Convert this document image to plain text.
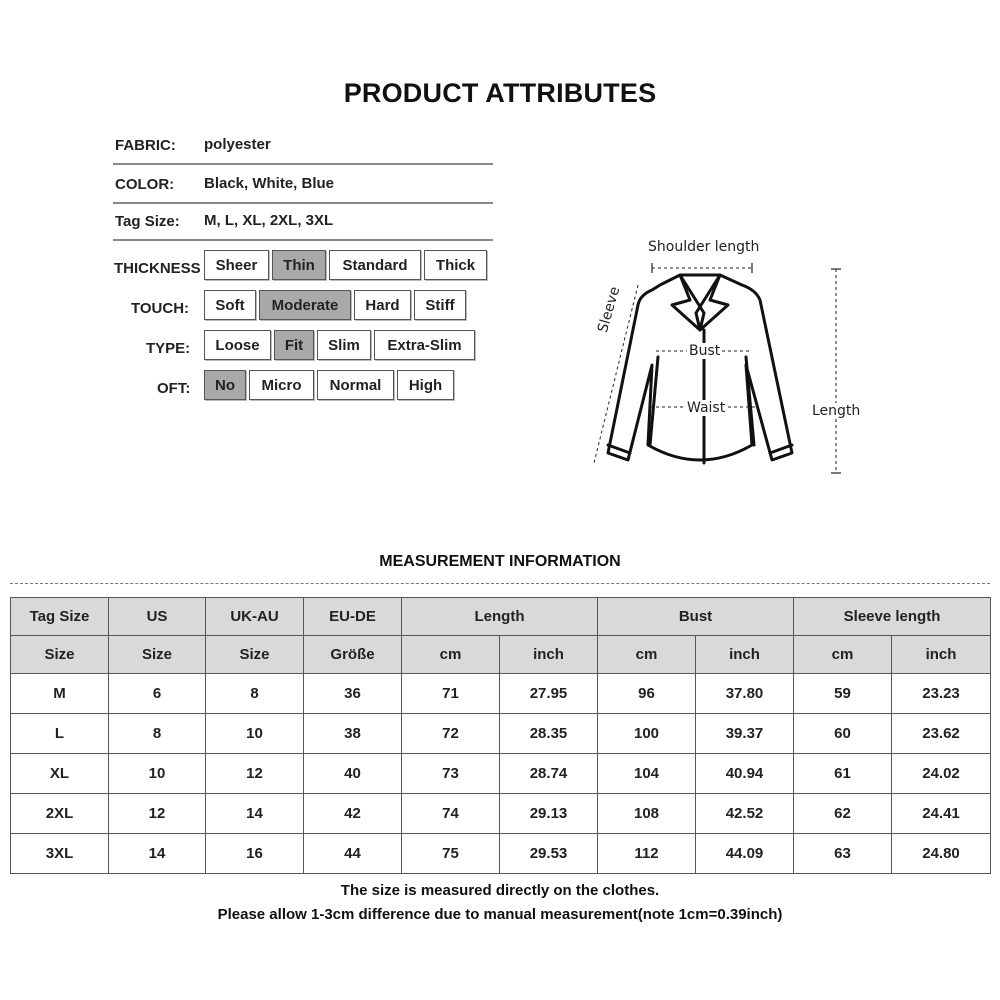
PRODUCT ATTRIBUTES
FABRIC: polyester
COLOR: Black, White, Blue
Tag Size: M, L, XL, 2XL, 3XL
THICKNESS Sheer	Thin	Standard	Thick
TOUCH:	Soft	Moderate	Hard	Stiff
TYPE:	Loose	Fit	Slim	Extra-Slim
OFT:	No	Micro	Normal	High
Shoulder length
Sleeve
Bust
Waist	Length
MEASUREMENT INFORMATION
Tag Size	US	UK-AU	EU-DE	Length		Bust		Sleeve length	
Size	Size	Size	Größe	cm	inch	cm	inch	cm	inch
M	6	8	36	71	27.95	96	37.80	59	23.23
L	8	10	38	72	28.35	100	39.37	60	23.62
XL	10	12	40	73	28.74	104	40.94	61	24.02
2XL	12	14	42	74	29.13	108	42.52	62	24.41
3XL	14	16	44	75	29.53	112	44.09	63	24.80
The size is measured directly on the clothes.
Please allow 1-3cm difference due to manual measurement(note 1cm=0.39inch)
